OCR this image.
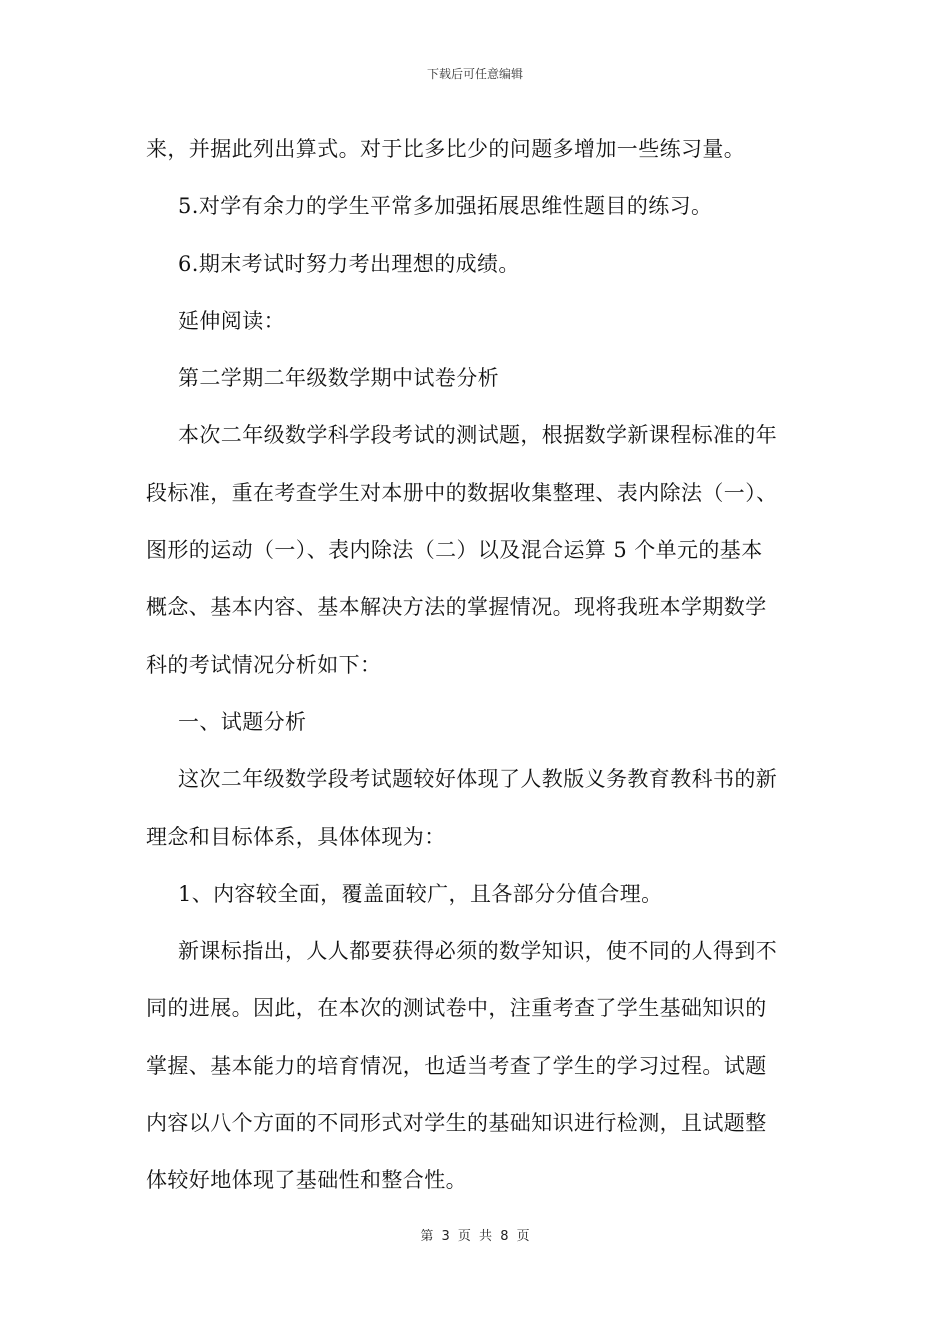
下载后可任意编辑
来，并据此列出算式。对于比多比少的问题多增加一些练习量。
5.对学有余力的学生平常多加强拓展思维性题目的练习。
6.期末考试时努力考出理想的成绩。
延伸阅读：
第二学期二年级数学期中试卷分析
本次二年级数学科学段考试的测试题，根据数学新课程标准的年
段标准，重在考查学生对本册中的数据收集整理、表内除法（一）、
图形的运动（一）、表内除法（二）以及混合运算 5 个单元的基本
概念、基本内容、基本解决方法的掌握情况。现将我班本学期数学
科的考试情况分析如下：
一、试题分析
这次二年级数学段考试题较好体现了人教版义务教育教科书的新
理念和目标体系，具体体现为：
1、内容较全面，覆盖面较广，且各部分分值合理。
新课标指出，人人都要获得必须的数学知识，使不同的人得到不
同的进展。因此，在本次的测试卷中，注重考查了学生基础知识的
掌握、基本能力的培育情况，也适当考查了学生的学习过程。试题
内容以八个方面的不同形式对学生的基础知识进行检测，且试题整
体较好地体现了基础性和整合性。
第 3 页 共 8 页
